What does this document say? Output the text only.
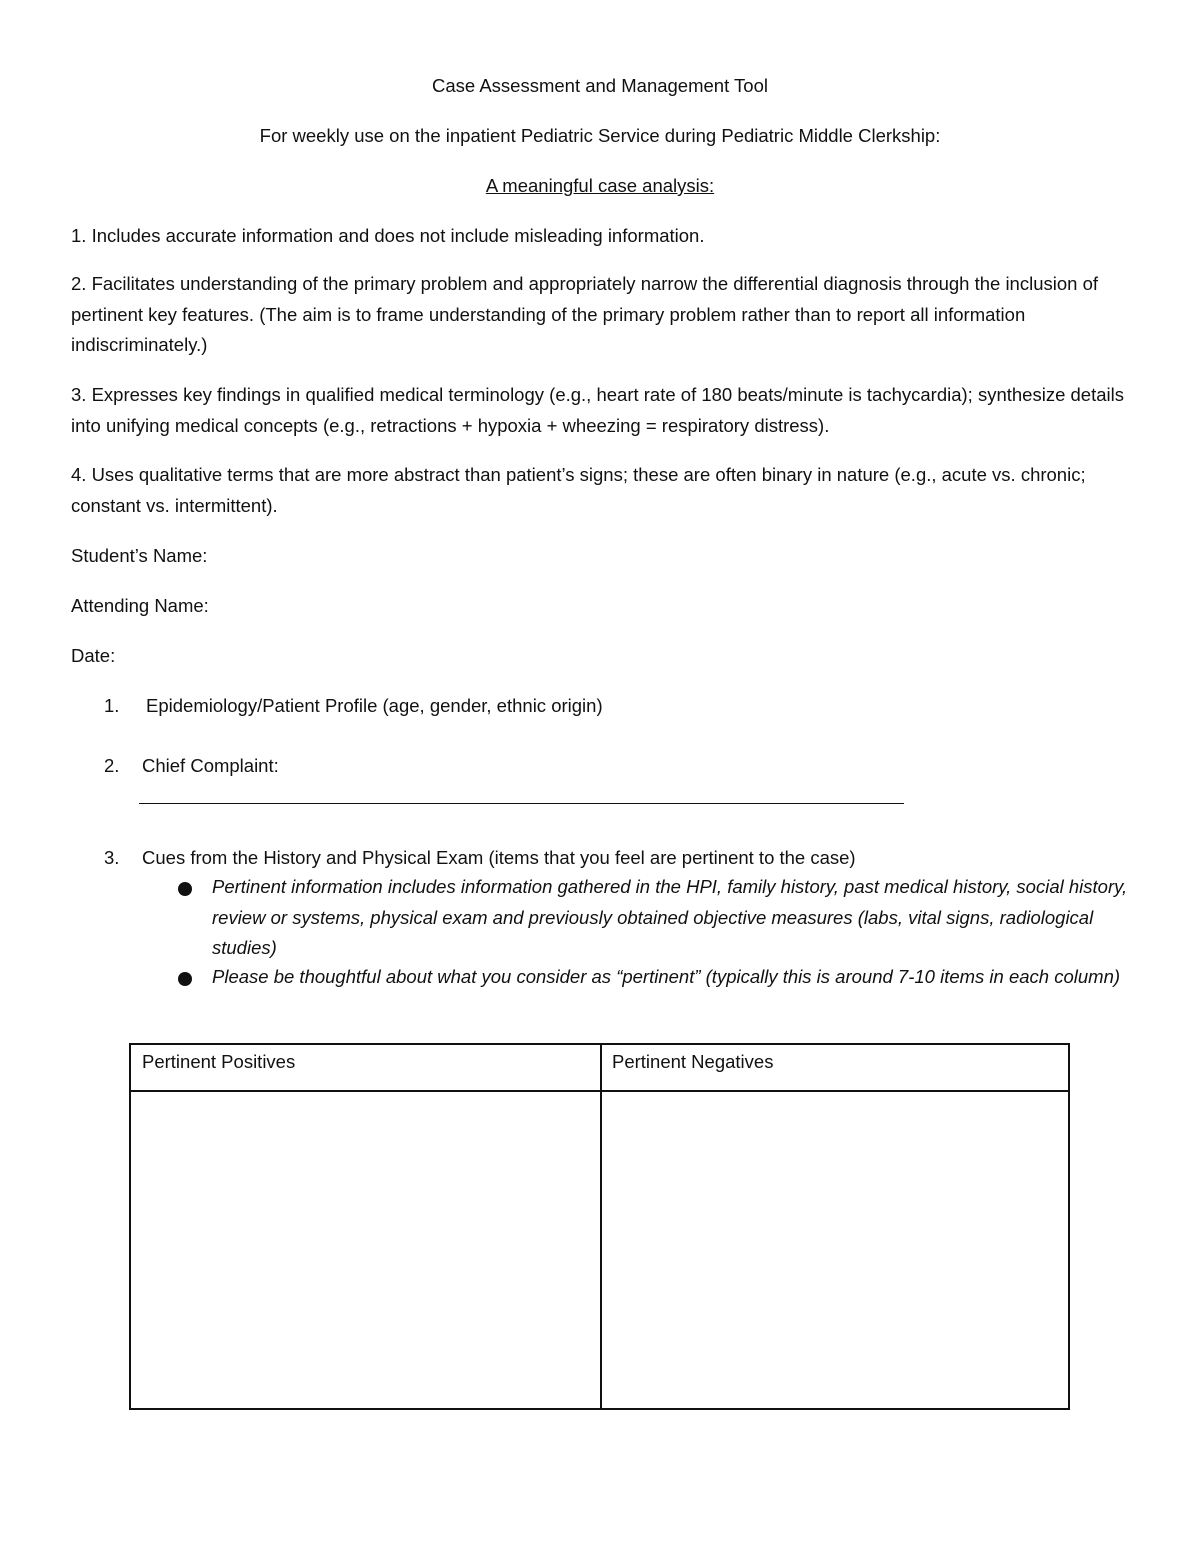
Case Assessment and Management Tool
For weekly use on the inpatient Pediatric Service during Pediatric Middle Clerkship:
A meaningful case analysis:
1. Includes accurate information and does not include misleading information.
2. Facilitates understanding of the primary problem and appropriately narrow the differential diagnosis through the inclusion of pertinent key features. (The aim is to frame understanding of the primary problem rather than to report all information indiscriminately.)
3. Expresses key findings in qualified medical terminology (e.g., heart rate of 180 beats/minute is tachycardia); synthesize details into unifying medical concepts (e.g., retractions + hypoxia + wheezing = respiratory distress).
4. Uses qualitative terms that are more abstract than patient’s signs; these are often binary in nature (e.g., acute vs. chronic; constant vs. intermittent).
Student’s Name:
Attending Name:
Date:
1. Epidemiology/Patient Profile (age, gender, ethnic origin)
2. Chief Complaint:
3. Cues from the History and Physical Exam (items that you feel are pertinent to the case)
Pertinent information includes information gathered in the HPI, family history, past medical history, social history, review or systems, physical exam and previously obtained objective measures (labs, vital signs, radiological studies)
Please be thoughtful about what you consider as “pertinent” (typically this is around 7-10 items in each column)
Pertinent Positives	Pertinent Negatives
